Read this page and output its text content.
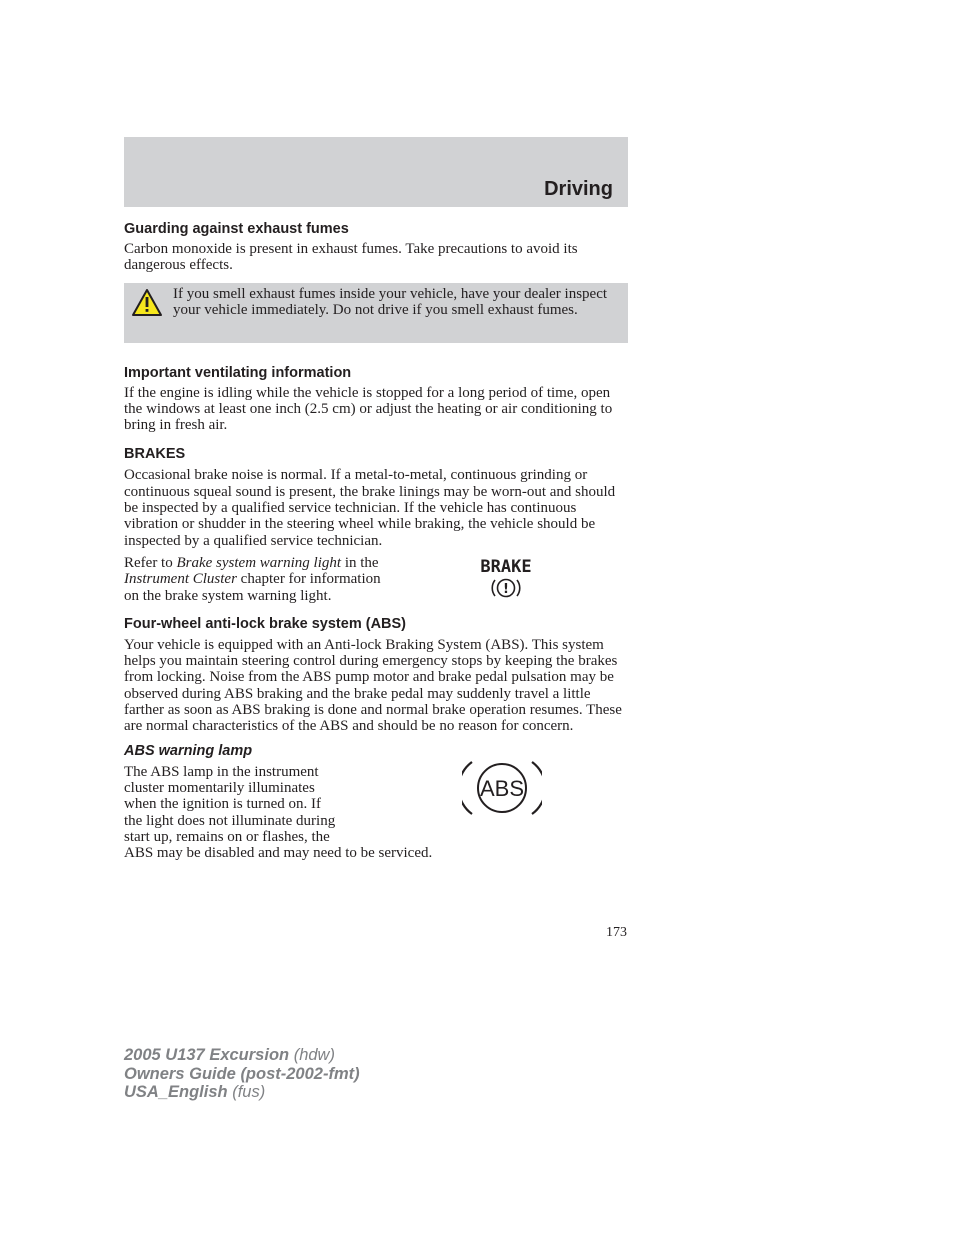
Driving
Guarding against exhaust fumes

Carbon monoxide is present in exhaust fumes. Take precautions to avoid its dangerous effects.

If you smell exhaust fumes inside your vehicle, have your dealer inspect your vehicle immediately. Do not drive if you smell exhaust fumes.

Important ventilating information

If the engine is idling while the vehicle is stopped for a long period of time, open the windows at least one inch (2.5 cm) or adjust the heating or air conditioning to bring in fresh air.

BRAKES

Occasional brake noise is normal. If a metal-to-metal, continuous grinding or continuous squeal sound is present, the brake linings may be worn-out and should be inspected by a qualified service technician. If the vehicle has continuous vibration or shudder in the steering wheel while braking, the vehicle should be inspected by a qualified service technician.

Refer to Brake system warning light in the Instrument Cluster chapter for information on the brake system warning light.

BRAKE
!
Four-wheel anti-lock brake system (ABS)

Your vehicle is equipped with an Anti-lock Braking System (ABS). This system helps you maintain steering control during emergency stops by keeping the brakes from locking. Noise from the ABS pump motor and brake pedal pulsation may be observed during ABS braking and the brake pedal may suddenly travel a little farther as soon as ABS braking is done and normal brake operation resumes. These are normal characteristics of the ABS and should be no reason for concern.

ABS warning lamp

The ABS lamp in the instrument
cluster momentarily illuminates
when the ignition is turned on. If
the light does not illuminate during
start up, remains on or flashes, the
ABS may be disabled and may need to be serviced.

ABS
173
2005 U137 Excursion (hdw)
Owners Guide (post-2002-fmt)
USA_English (fus)
